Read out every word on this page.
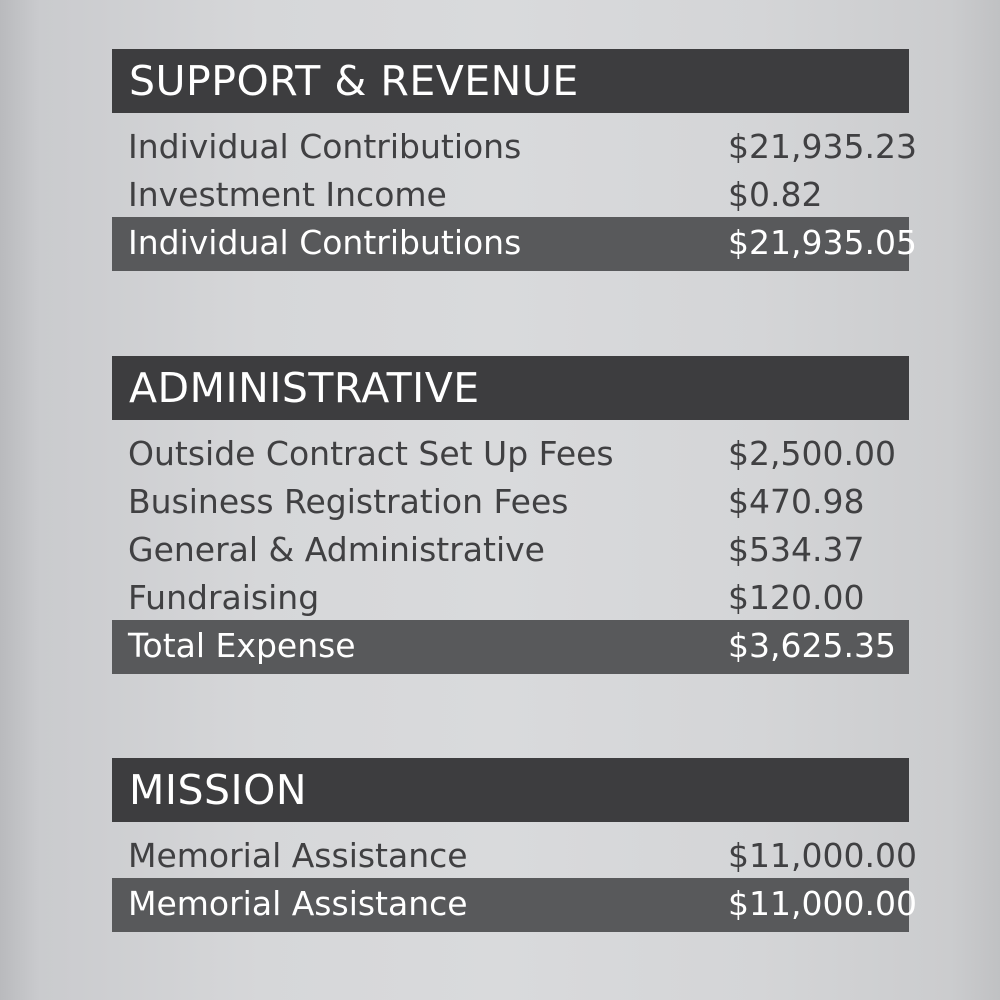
SUPPORT & REVENUE
Individual Contributions	$21,935.23
Investment Income	$0.82
Individual Contributions	$21,935.05
ADMINISTRATIVE
Outside Contract Set Up Fees	$2,500.00
Business Registration Fees	$470.98
General & Administrative	$534.37
Fundraising	$120.00
Total Expense	$3,625.35
MISSION
Memorial Assistance	$11,000.00
Memorial Assistance	$11,000.00
